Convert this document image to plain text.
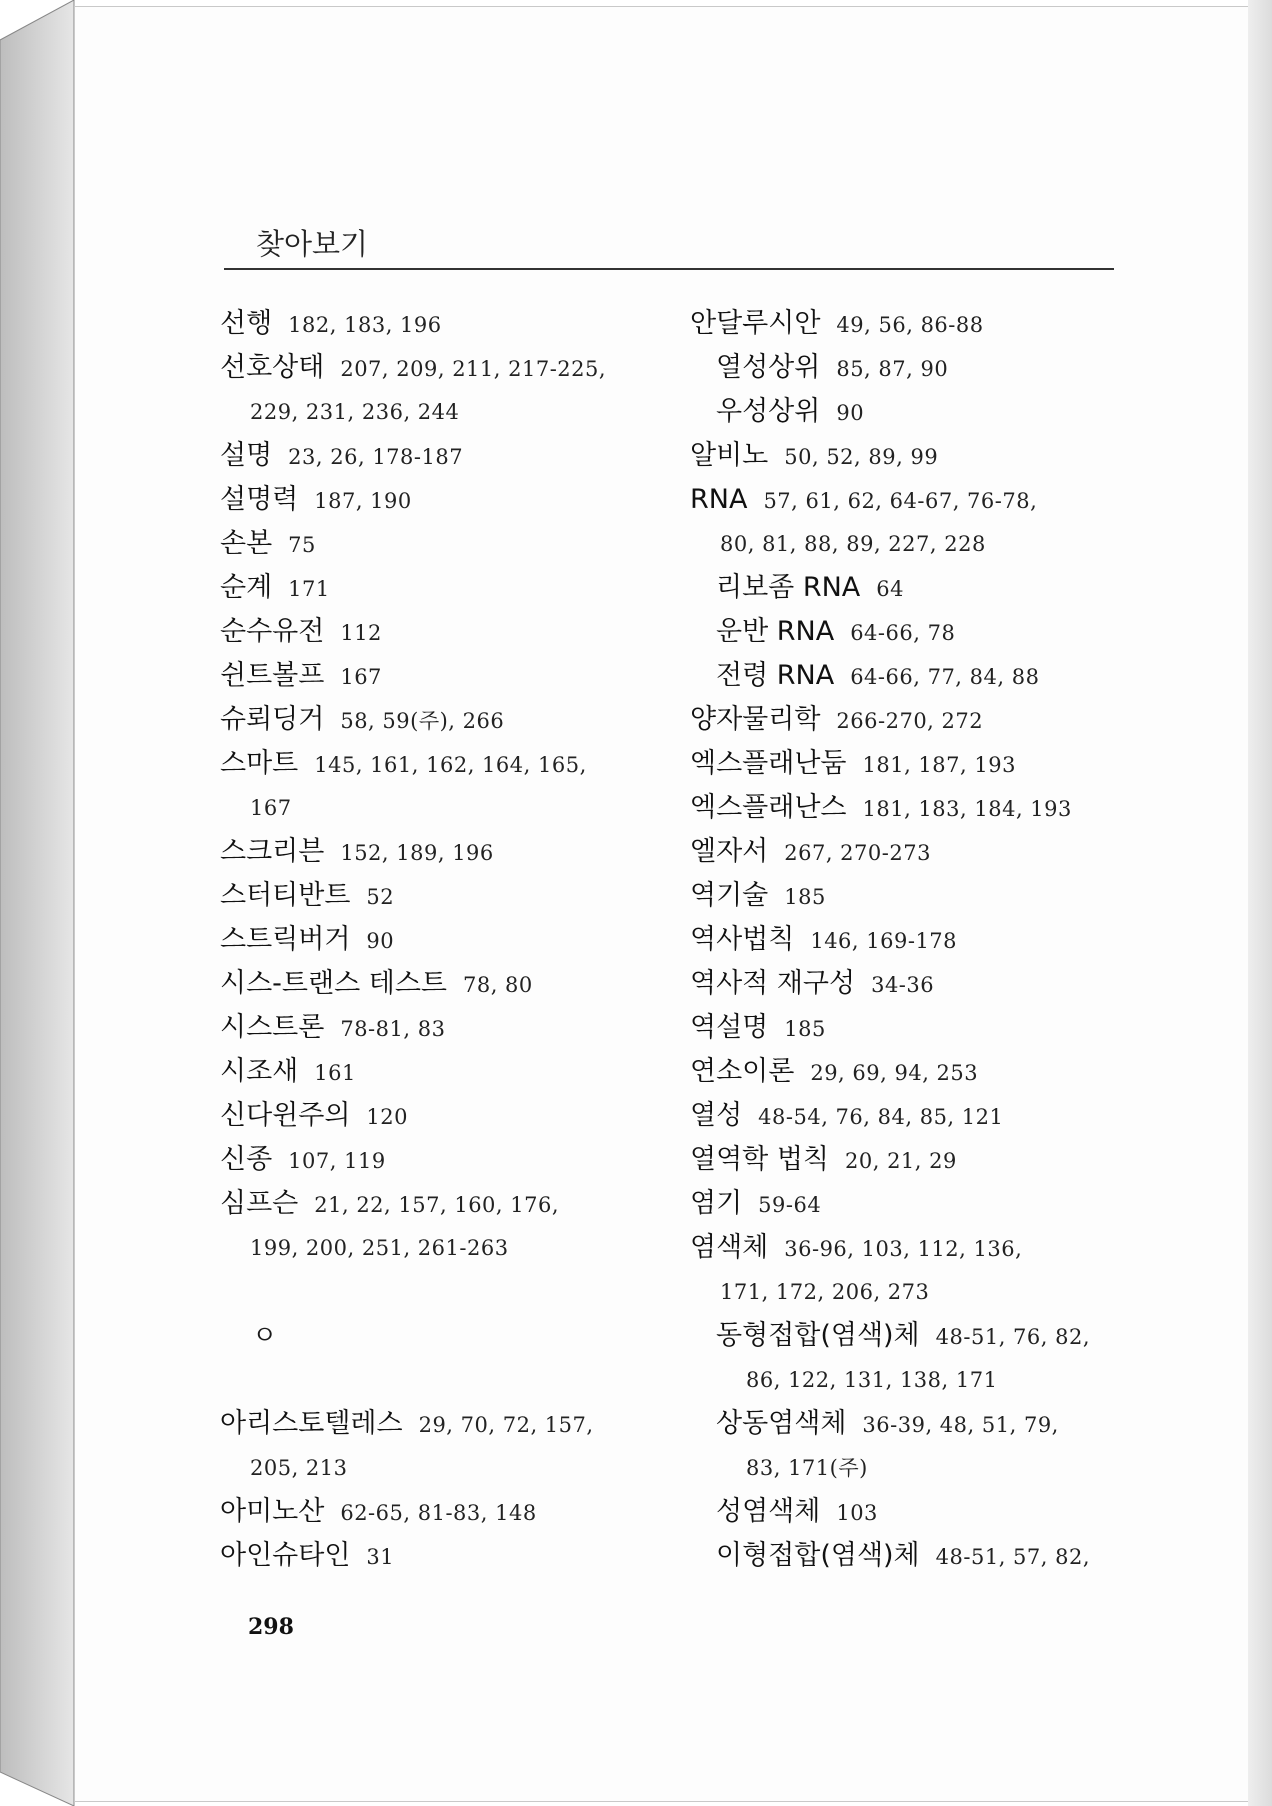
찾아보기
선행 182, 183, 196
선호상태 207, 209, 211, 217-225,
229, 231, 236, 244
설명 23, 26, 178-187
설명력 187, 190
손본 75
순계 171
순수유전 112
쉰트볼프 167
슈뢰딩거 58, 59(주), 266
스마트 145, 161, 162, 164, 165,
167
스크리븐 152, 189, 196
스터티반트 52
스트릭버거 90
시스-트랜스 테스트 78, 80
시스트론 78-81, 83
시조새 161
신다윈주의 120
신종 107, 119
심프슨 21, 22, 157, 160, 176,
199, 200, 251, 261-263
ㅇ
아리스토텔레스 29, 70, 72, 157,
205, 213
아미노산 62-65, 81-83, 148
아인슈타인 31
안달루시안 49, 56, 86-88
열성상위 85, 87, 90
우성상위 90
알비노 50, 52, 89, 99
RNA 57, 61, 62, 64-67, 76-78,
80, 81, 88, 89, 227, 228
리보좀 RNA 64
운반 RNA 64-66, 78
전령 RNA 64-66, 77, 84, 88
양자물리학 266-270, 272
엑스플래난둠 181, 187, 193
엑스플래난스 181, 183, 184, 193
엘자서 267, 270-273
역기술 185
역사법칙 146, 169-178
역사적 재구성 34-36
역설명 185
연소이론 29, 69, 94, 253
열성 48-54, 76, 84, 85, 121
열역학 법칙 20, 21, 29
염기 59-64
염색체 36-96, 103, 112, 136,
171, 172, 206, 273
동형접합(염색)체 48-51, 76, 82,
86, 122, 131, 138, 171
상동염색체 36-39, 48, 51, 79,
83, 171(주)
성염색체 103
이형접합(염색)체 48-51, 57, 82,
298
